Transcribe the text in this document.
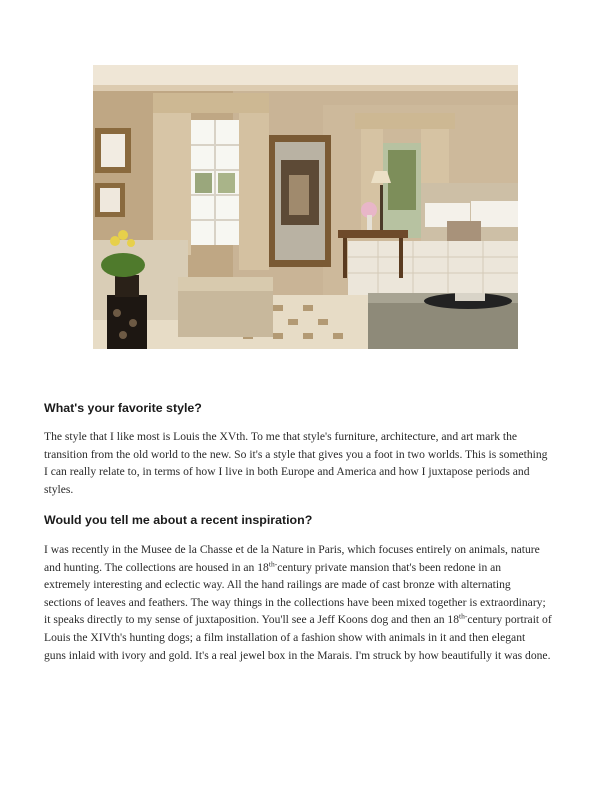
What's your favorite style?

The style that I like most is Louis the XVth. To me that style's furniture, architecture, and art mark the
transition from the old world to the new. So it's a style that gives you a foot in two worlds. This is something
I can really relate to, in terms of how I live in both Europe and America and how I juxtapose periods and
styles.

Would you tell me about a recent inspiration?

I was recently in the Musee de la Chasse et de la Nature in Paris, which focuses entirely on animals, nature
and hunting. The collections are housed in an $18^{th-}century$ private mansion that's been redone in an
extremely interesting and eclectic way. All the hand railings are made of cast bronze with alternating
sections of leaves and feathers. The way things in the collections have been mixed together is extraordinary;
it speaks directly to my sense of juxtaposition. You'll see a Jeff Koons dog and then an $18^{th-}century$ portrait of
Louis the XIVth's hunting dogs; a film installation of a fashion show with animals in it and then elegant
guns inlaid with ivory and gold. It's a real jewel box in the Marais. I'm struck by how beautifully it was done.
